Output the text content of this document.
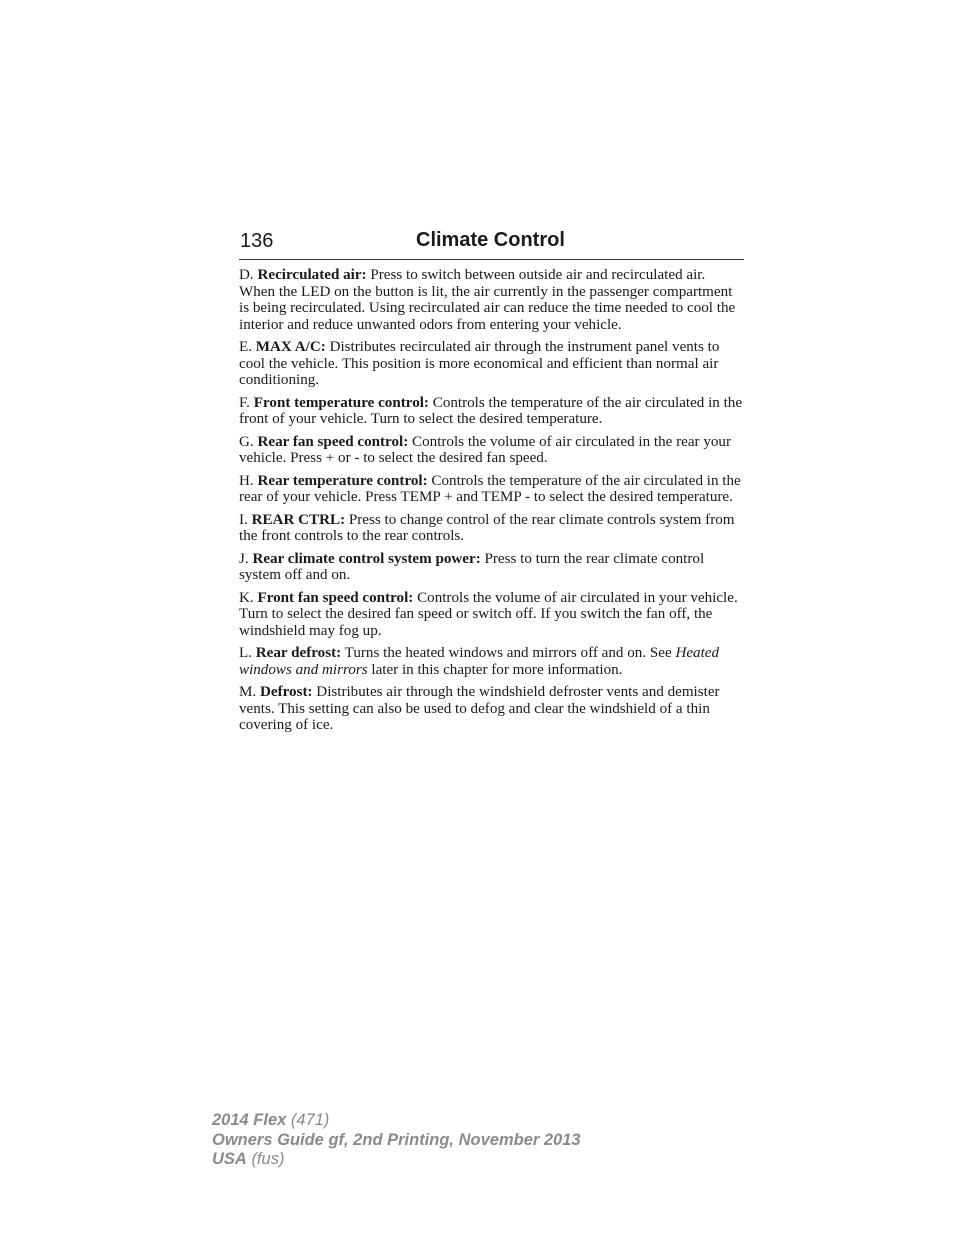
136	Climate Control

D. Recirculated air: Press to switch between outside air and recirculated air. When the LED on the button is lit, the air currently in the passenger compartment is being recirculated. Using recirculated air can reduce the time needed to cool the interior and reduce unwanted odors from entering your vehicle.

E. MAX A/C: Distributes recirculated air through the instrument panel vents to cool the vehicle. This position is more economical and efficient than normal air conditioning.

F. Front temperature control: Controls the temperature of the air circulated in the front of your vehicle. Turn to select the desired temperature.

G. Rear fan speed control: Controls the volume of air circulated in the rear your vehicle. Press + or - to select the desired fan speed.

H. Rear temperature control: Controls the temperature of the air circulated in the rear of your vehicle. Press TEMP + and TEMP - to select the desired temperature.

I. REAR CTRL: Press to change control of the rear climate controls system from the front controls to the rear controls.

J. Rear climate control system power: Press to turn the rear climate control system off and on.

K. Front fan speed control: Controls the volume of air circulated in your vehicle. Turn to select the desired fan speed or switch off. If you switch the fan off, the windshield may fog up.

L. Rear defrost: Turns the heated windows and mirrors off and on. See Heated windows and mirrors later in this chapter for more information.

M. Defrost: Distributes air through the windshield defroster vents and demister vents. This setting can also be used to defog and clear the windshield of a thin covering of ice.

2014 Flex (471)
Owners Guide gf, 2nd Printing, November 2013
USA (fus)
